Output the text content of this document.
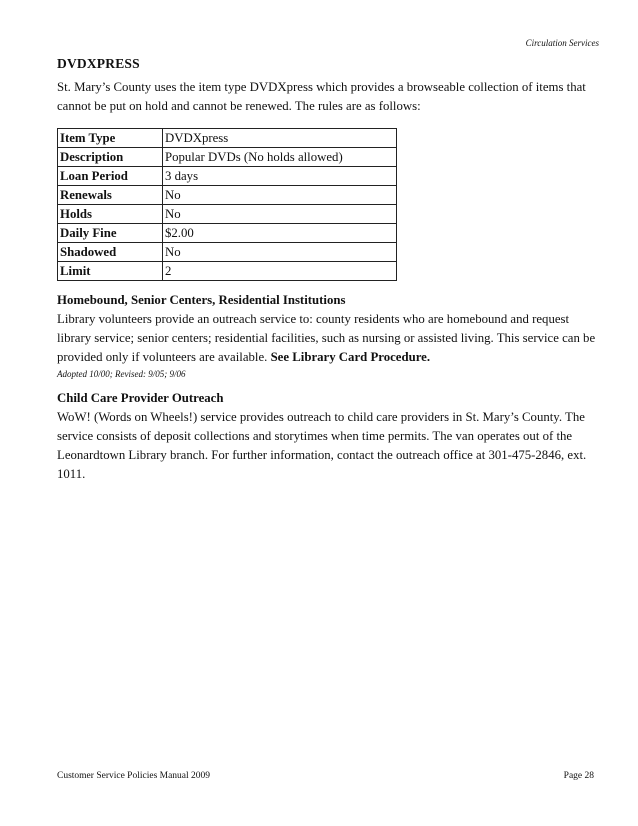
Circulation Services
DVDXPRESS

St. Mary’s County uses the item type DVDXpress which provides a browseable collection of items that cannot be put on hold and cannot be renewed. The rules are as follows:

Item Type	DVDXpress
Description	Popular DVDs (No holds allowed)
Loan Period	3 days
Renewals	No
Holds	No
Daily Fine	$2.00
Shadowed	No
Limit	2

Homebound, Senior Centers, Residential Institutions

Library volunteers provide an outreach service to: county residents who are homebound and request library service; senior centers; residential facilities, such as nursing or assisted living. This service can be provided only if volunteers are available. See Library Card Procedure.

Adopted 10/00; Revised: 9/05; 9/06

Child Care Provider Outreach

WoW! (Words on Wheels!) service provides outreach to child care providers in St. Mary’s County. The service consists of deposit collections and storytimes when time permits. The van operates out of the Leonardtown Library branch. For further information, contact the outreach office at 301-475-2846, ext. 1011.

Customer Service Policies Manual 2009	Page 28
